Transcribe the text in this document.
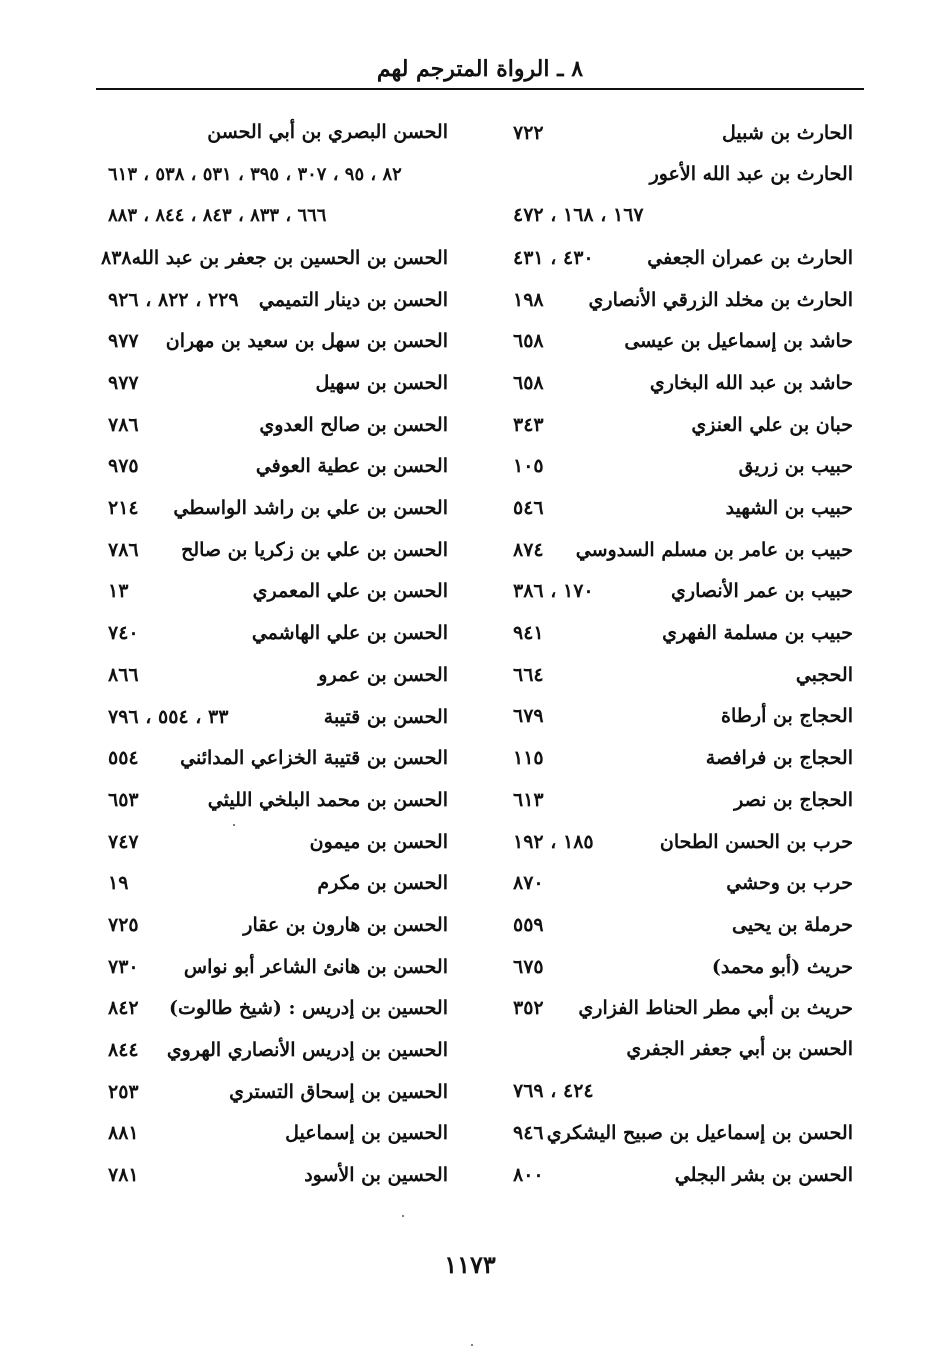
٨ ـ الرواة المترجم لهم
الحارث بن شبيل
٧٢٢
الحارث بن عبد الله الأعور
١٦٧ ، ١٦٨ ، ٤٧٢
الحارث بن عمران الجعفي
٤٣٠ ، ٤٣١
الحارث بن مخلد الزرقي الأنصاري
١٩٨
حاشد بن إسماعيل بن عيسى
٦٥٨
حاشد بن عبد الله البخاري
٦٥٨
حبان بن علي العنزي
٣٤٣
حبيب بن زريق
١٠٥
حبيب بن الشهيد
٥٤٦
حبيب بن عامر بن مسلم السدوسي
٨٧٤
حبيب بن عمر الأنصاري
١٧٠ ، ٣٨٦
حبيب بن مسلمة الفهري
٩٤١
الحجبي
٦٦٤
الحجاج بن أرطاة
٦٧٩
الحجاج بن فرافصة
١١٥
الحجاج بن نصر
٦١٣
حرب بن الحسن الطحان
١٨٥ ، ١٩٢
حرب بن وحشي
٨٧٠
حرملة بن يحيى
٥٥٩
حريث (أبو محمد)
٦٧٥
حريث بن أبي مطر الحناط الفزاري
٣٥٢
الحسن بن أبي جعفر الجفري
٤٢٤ ، ٧٦٩
الحسن بن إسماعيل بن صبيح اليشكري
٩٤٦
الحسن بن بشر البجلي
٨٠٠
الحسن البصري بن أبي الحسن
٨٢ ، ٩٥ ، ٣٠٧ ، ٣٩٥ ، ٥٣١ ، ٥٣٨ ، ٦١٣
٦٦٦ ، ٨٣٣ ، ٨٤٣ ، ٨٤٤ ، ٨٨٣
الحسن بن الحسين بن جعفر بن عبد الله
٨٣٨
الحسن بن دينار التميمي
٢٢٩ ، ٨٢٢ ، ٩٢٦
الحسن بن سهل بن سعيد بن مهران
٩٧٧
الحسن بن سهيل
٩٧٧
الحسن بن صالح العدوي
٧٨٦
الحسن بن عطية العوفي
٩٧٥
الحسن بن علي بن راشد الواسطي
٢١٤
الحسن بن علي بن زكريا بن صالح
٧٨٦
الحسن بن علي المعمري
١٣
الحسن بن علي الهاشمي
٧٤٠
الحسن بن عمرو
٨٦٦
الحسن بن قتيبة
٣٣ ، ٥٥٤ ، ٧٩٦
الحسن بن قتيبة الخزاعي المدائني
٥٥٤
الحسن بن محمد البلخي الليثي
٦٥٣
الحسن بن ميمون
٧٤٧
الحسن بن مكرم
١٩
الحسن بن هارون بن عقار
٧٢٥
الحسن بن هانئ الشاعر أبو نواس
٧٣٠
الحسين بن إدريس : (شيخ طالوت)
٨٤٢
الحسين بن إدريس الأنصاري الهروي
٨٤٤
الحسين بن إسحاق التستري
٢٥٣
الحسين بن إسماعيل
٨٨١
الحسين بن الأسود
٧٨١
١١٧٣
